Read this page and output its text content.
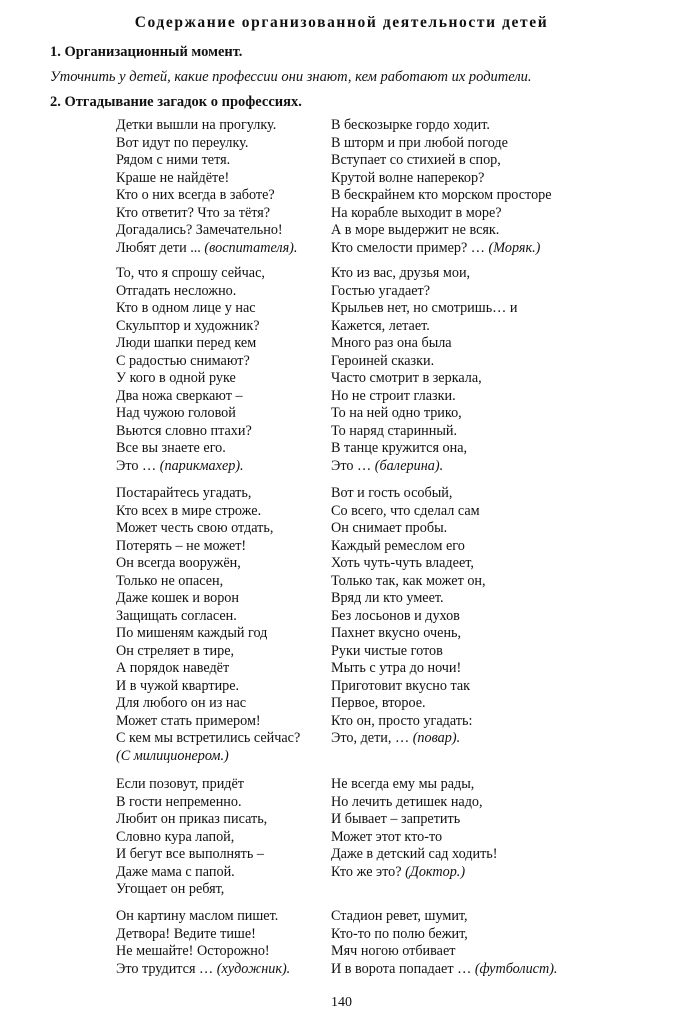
Содержание организованной деятельности детей
1. Организационный момент.
Уточнить у детей, какие профессии они знают, кем работают их родители.
2. Отгадывание загадок о профессиях.
Детки вышли на прогулку.
Вот идут по переулку.
Рядом с ними тетя.
Краше не найдёте!
Кто о них всегда в заботе?
Кто ответит? Что за тётя?
Догадались? Замечательно!
Любят дети ... (воспитателя).
В бескозырке гордо ходит.
В шторм и при любой погоде
Вступает со стихией в спор,
Крутой волне наперекор?
В бескрайнем кто морском просторе
На корабле выходит в море?
А в море выдержит не всяк.
Кто смелости пример? … (Моряк.)
То, что я спрошу сейчас,
Отгадать несложно.
Кто в одном лице у нас
Скульптор и художник?
Люди шапки перед кем
С радостью снимают?
У кого в одной руке
Два ножа сверкают –
Над чужою головой
Вьются словно птахи?
Все вы знаете его.
Это … (парикмахер).
Кто из вас, друзья мои,
Гостью угадает?
Крыльев нет, но смотришь… и
Кажется, летает.
Много раз она была
Героиней сказки.
Часто смотрит в зеркала,
Но не строит глазки.
То на ней одно трико,
То наряд старинный.
В танце кружится она,
Это … (балерина).
Постарайтесь угадать,
Кто всех в мире строже.
Может честь свою отдать,
Потерять – не может!
Он всегда вооружён,
Только не опасен,
Даже кошек и ворон
Защищать согласен.
По мишеням каждый год
Он стреляет в тире,
А порядок наведёт
И в чужой квартире.
Для любого он из нас
Может стать примером!
С кем мы встретились сейчас?
(С милиционером.)
Вот и гость особый,
Со всего, что сделал сам
Он снимает пробы.
Каждый ремеслом его
Хоть чуть-чуть владеет,
Только так, как может он,
Вряд ли кто умеет.
Без лосьонов и духов
Пахнет вкусно очень,
Руки чистые готов
Мыть с утра до ночи!
Приготовит вкусно так
Первое, второе.
Кто он, просто угадать:
Это, дети, … (повар).
Если позовут, придёт
В гости непременно.
Любит он приказ писать,
Словно кура лапой,
И бегут все выполнять –
Даже мама с папой.
Угощает он ребят,
Не всегда ему мы рады,
Но лечить детишек надо,
И бывает – запретить
Может этот кто-то
Даже в детский сад ходить!
Кто же это? (Доктор.)
Он картину маслом пишет.
Детвора! Ведите тише!
Не мешайте! Осторожно!
Это трудится … (художник).
Стадион ревет, шумит,
Кто-то по полю бежит,
Мяч ногою отбивает
И в ворота попадает … (футболист).
140
